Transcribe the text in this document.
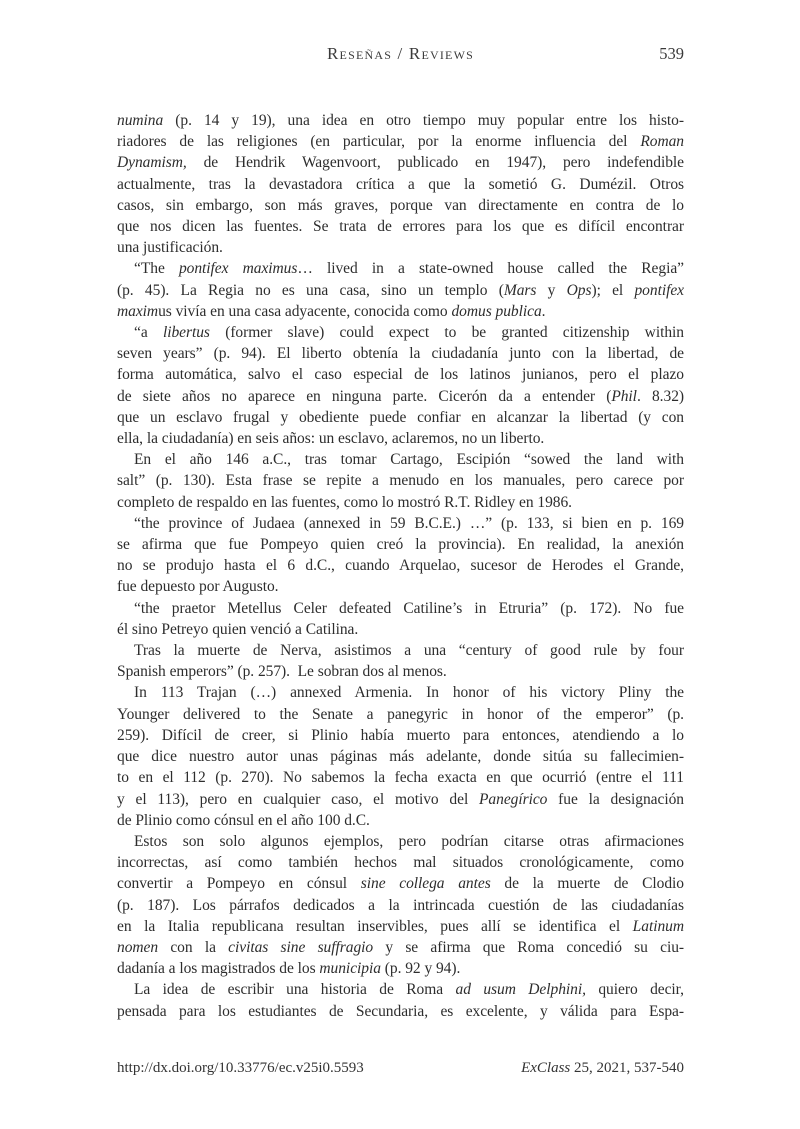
Reseñas / Reviews	539
numina (p. 14 y 19), una idea en otro tiempo muy popular entre los histo-
riadores de las religiones (en particular, por la enorme influencia del Roman
Dynamism, de Hendrik Wagenvoort, publicado en 1947), pero indefendible
actualmente, tras la devastadora crítica a que la sometió G. Dumézil. Otros
casos, sin embargo, son más graves, porque van directamente en contra de lo
que nos dicen las fuentes. Se trata de errores para los que es difícil encontrar
una justificación.
“The pontifex maximus… lived in a state-owned house called the Regia”
(p. 45). La Regia no es una casa, sino un templo (Mars y Ops); el pontifex
maximus vivía en una casa adyacente, conocida como domus publica.
“a libertus (former slave) could expect to be granted citizenship within
seven years” (p. 94). El liberto obtenía la ciudadanía junto con la libertad, de
forma automática, salvo el caso especial de los latinos junianos, pero el plazo
de siete años no aparece en ninguna parte. Cicerón da a entender (Phil. 8.32)
que un esclavo frugal y obediente puede confiar en alcanzar la libertad (y con
ella, la ciudadanía) en seis años: un esclavo, aclaremos, no un liberto.
En el año 146 a.C., tras tomar Cartago, Escipión “sowed the land with
salt” (p. 130). Esta frase se repite a menudo en los manuales, pero carece por
completo de respaldo en las fuentes, como lo mostró R.T. Ridley en 1986.
“the province of Judaea (annexed in 59 B.C.E.) …” (p. 133, si bien en p. 169
se afirma que fue Pompeyo quien creó la provincia). En realidad, la anexión
no se produjo hasta el 6 d.C., cuando Arquelao, sucesor de Herodes el Grande,
fue depuesto por Augusto.
“the praetor Metellus Celer defeated Catiline’s in Etruria” (p. 172). No fue
él sino Petreyo quien venció a Catilina.
Tras la muerte de Nerva, asistimos a una “century of good rule by four
Spanish emperors” (p. 257).  Le sobran dos al menos.
In 113 Trajan (…) annexed Armenia. In honor of his victory Pliny the
Younger delivered to the Senate a panegyric in honor of the emperor” (p.
259). Difícil de creer, si Plinio había muerto para entonces, atendiendo a lo
que dice nuestro autor unas páginas más adelante, donde sitúa su fallecimien-
to en el 112 (p. 270). No sabemos la fecha exacta en que ocurrió (entre el 111
y el 113), pero en cualquier caso, el motivo del Panegírico fue la designación
de Plinio como cónsul en el año 100 d.C.
Estos son solo algunos ejemplos, pero podrían citarse otras afirmaciones
incorrectas, así como también hechos mal situados cronológicamente, como
convertir a Pompeyo en cónsul sine collega antes de la muerte de Clodio
(p. 187). Los párrafos dedicados a la intrincada cuestión de las ciudadanías
en la Italia republicana resultan inservibles, pues allí se identifica el Latinum
nomen con la civitas sine suffragio y se afirma que Roma concedió su ciu-
dadanía a los magistrados de los municipia (p. 92 y 94).
La idea de escribir una historia de Roma ad usum Delphini, quiero decir,
pensada para los estudiantes de Secundaria, es excelente, y válida para Espa-
http://dx.doi.org/10.33776/ec.v25i0.5593	ExClass 25, 2021, 537-540
